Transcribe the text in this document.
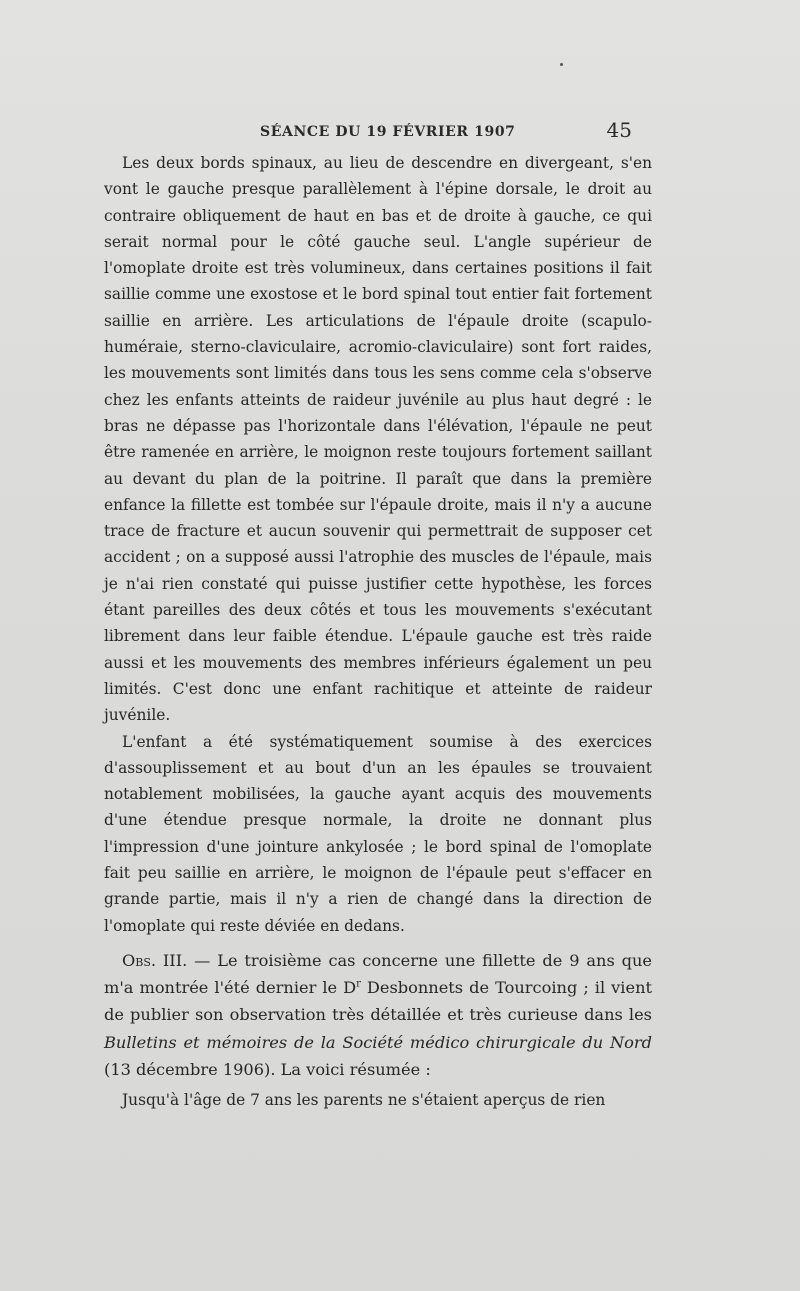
SÉANCE DU 19 FÉVRIER 1907	45

Les deux bords spinaux, au lieu de descendre en divergeant, s'en vont le gauche presque parallèlement à l'épine dorsale, le droit au contraire obliquement de haut en bas et de droite à gauche, ce qui serait normal pour le côté gauche seul. L'angle supérieur de l'omoplate droite est très volumineux, dans certaines positions il fait saillie comme une exostose et le bord spinal tout entier fait fortement saillie en arrière. Les articulations de l'épaule droite (scapulo-huméraie, sterno-claviculaire, acromio-claviculaire) sont fort raides, les mouvements sont limités dans tous les sens comme cela s'observe chez les enfants atteints de raideur juvénile au plus haut degré : le bras ne dépasse pas l'horizontale dans l'élévation, l'épaule ne peut être ramenée en arrière, le moignon reste toujours fortement saillant au devant du plan de la poitrine. Il paraît que dans la première enfance la fillette est tombée sur l'épaule droite, mais il n'y a aucune trace de fracture et aucun souvenir qui permettrait de supposer cet accident ; on a supposé aussi l'atrophie des muscles de l'épaule, mais je n'ai rien constaté qui puisse justifier cette hypothèse, les forces étant pareilles des deux côtés et tous les mouvements s'exécutant librement dans leur faible étendue. L'épaule gauche est très raide aussi et les mouvements des membres inférieurs également un peu limités. C'est donc une enfant rachitique et atteinte de raideur juvénile.

L'enfant a été systématiquement soumise à des exercices d'assouplissement et au bout d'un an les épaules se trouvaient notablement mobilisées, la gauche ayant acquis des mouvements d'une étendue presque normale, la droite ne donnant plus l'impression d'une jointure ankylosée ; le bord spinal de l'omoplate fait peu saillie en arrière, le moignon de l'épaule peut s'effacer en grande partie, mais il n'y a rien de changé dans la direction de l'omoplate qui reste déviée en dedans.

Obs. III. — Le troisième cas concerne une fillette de 9 ans que m'a montrée l'été dernier le $D^r$ Desbonnets de Tourcoing ; il vient de publier son observation très détaillée et très curieuse dans les Bulletins et mémoires de la Société médico chirurgicale du Nord (13 décembre 1906). La voici résumée :

Jusqu'à l'âge de 7 ans les parents ne s'étaient aperçus de rien
